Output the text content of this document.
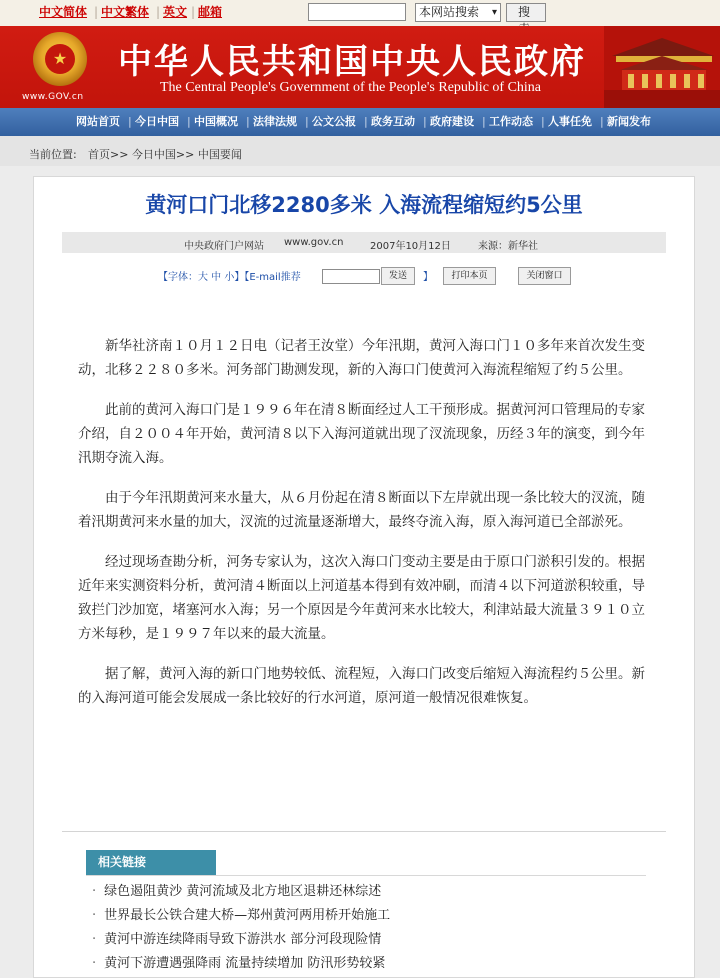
中文简体 | 中文繁体 | 英文 | 邮箱	本网站搜索 ▾	搜
★
www.GOV.cn
中华人民共和国中央人民政府
The Central People's Government of the People's Republic of China
网站首页 | 今日中国 | 中国概况 | 法律法规 | 公文公报 | 政务互动 | 政府建设 | 工作动态 | 人事任免 | 新闻发布
当前位置: 首页>> 今日中国>> 中国要闻
黄河口门北移2280多米 入海流程缩短约5公里
中央政府门户网站 www.gov.cn	2007年10月12日	来源：新华社
【字体：大 中 小】【E-mail推荐	发送	】	打印本页	关闭窗口

新华社济南１０月１２日电（记者王汝堂）今年汛期，黄河入海口门１０多年来首次发生变动，北移２２８０多米。河务部门勘测发现，新的入海口门使黄河入海流程缩短了约５公里。

此前的黄河入海口门是１９９６年在清８断面经过人工干预形成。据黄河河口管理局的专家介绍，自２００４年开始，黄河清８以下入海河道就出现了汊流现象，历经３年的演变，到今年汛期夺流入海。

由于今年汛期黄河来水量大，从６月份起在清８断面以下左岸就出现一条比较大的汊流，随着汛期黄河来水量的加大，汊流的过流量逐渐增大，最终夺流入海，原入海河道已全部淤死。

经过现场查勘分析，河务专家认为，这次入海口门变动主要是由于原口门淤积引发的。根据近年来实测资料分析，黄河清４断面以上河道基本得到有效冲刷，而清４以下河道淤积较重，导致拦门沙加宽，堵塞河水入海；另一个原因是今年黄河来水比较大，利津站最大流量３９１０立方米每秒，是１９９７年以来的最大流量。

据了解，黄河入海的新口门地势较低、流程短，入海口门改变后缩短入海流程约５公里。新的入海河道可能会发展成一条比较好的行水河道，原河道一般情况很难恢复。

相关链接
· 绿色遏阻黄沙 黄河流域及北方地区退耕还林综述
· 世界最长公铁合建大桥—郑州黄河两用桥开始施工
· 黄河中游连续降雨导致下游洪水 部分河段现险情
· 黄河下游遭遇强降雨 流量持续增加 防汛形势较紧
